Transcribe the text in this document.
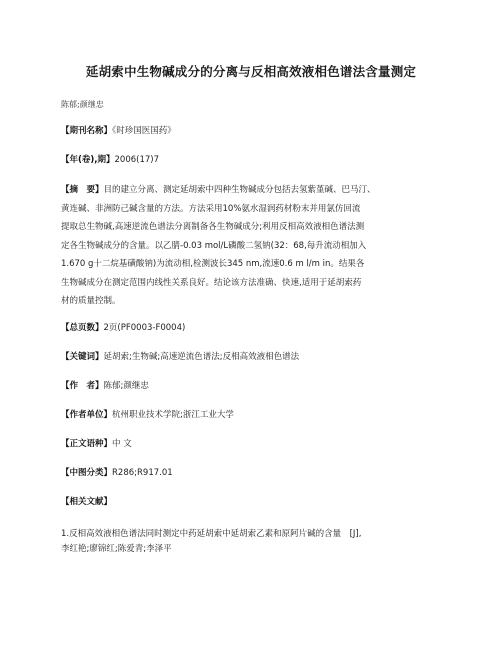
延胡索中生物碱成分的分离与反相高效液相色谱法含量测定
陈郁;颜继忠
【期刊名称】《时珍国医国药》
【年(卷),期】2006(17)7
【摘　要】目的建立分离、测定延胡索中四种生物碱成分包括去氢紫堇碱、巴马汀、
黄连碱、非洲防己碱含量的方法。方法采用10%氨水湿润药材粉末并用氯仿回流
提取总生物碱,高速逆流色谱法分离制备各生物碱成分;利用反相高效液相色谱法测
定各生物碱成分的含量。以乙腈-0.03 mol/L磷酸二氢钠(32：68,每升流动相加入
1.670 g十二烷基磺酸钠)为流动相,检测波长345 nm,流速0.6 m l/m in。结果各
生物碱成分在测定范围内线性关系良好。结论该方法准确、快速,适用于延胡索药
材的质量控制。
【总页数】2页(PF0003-F0004)
【关键词】延胡索;生物碱;高速逆流色谱法;反相高效液相色谱法
【作　者】陈郁;颜继忠
【作者单位】杭州职业技术学院;浙江工业大学
【正文语种】中 文
【中图分类】R286;R917.01
【相关文献】
1.反相高效液相色谱法同时测定中药延胡索中延胡索乙素和原阿片碱的含量　[J],
李红艳;廖锦红;陈爱青;李泽平
